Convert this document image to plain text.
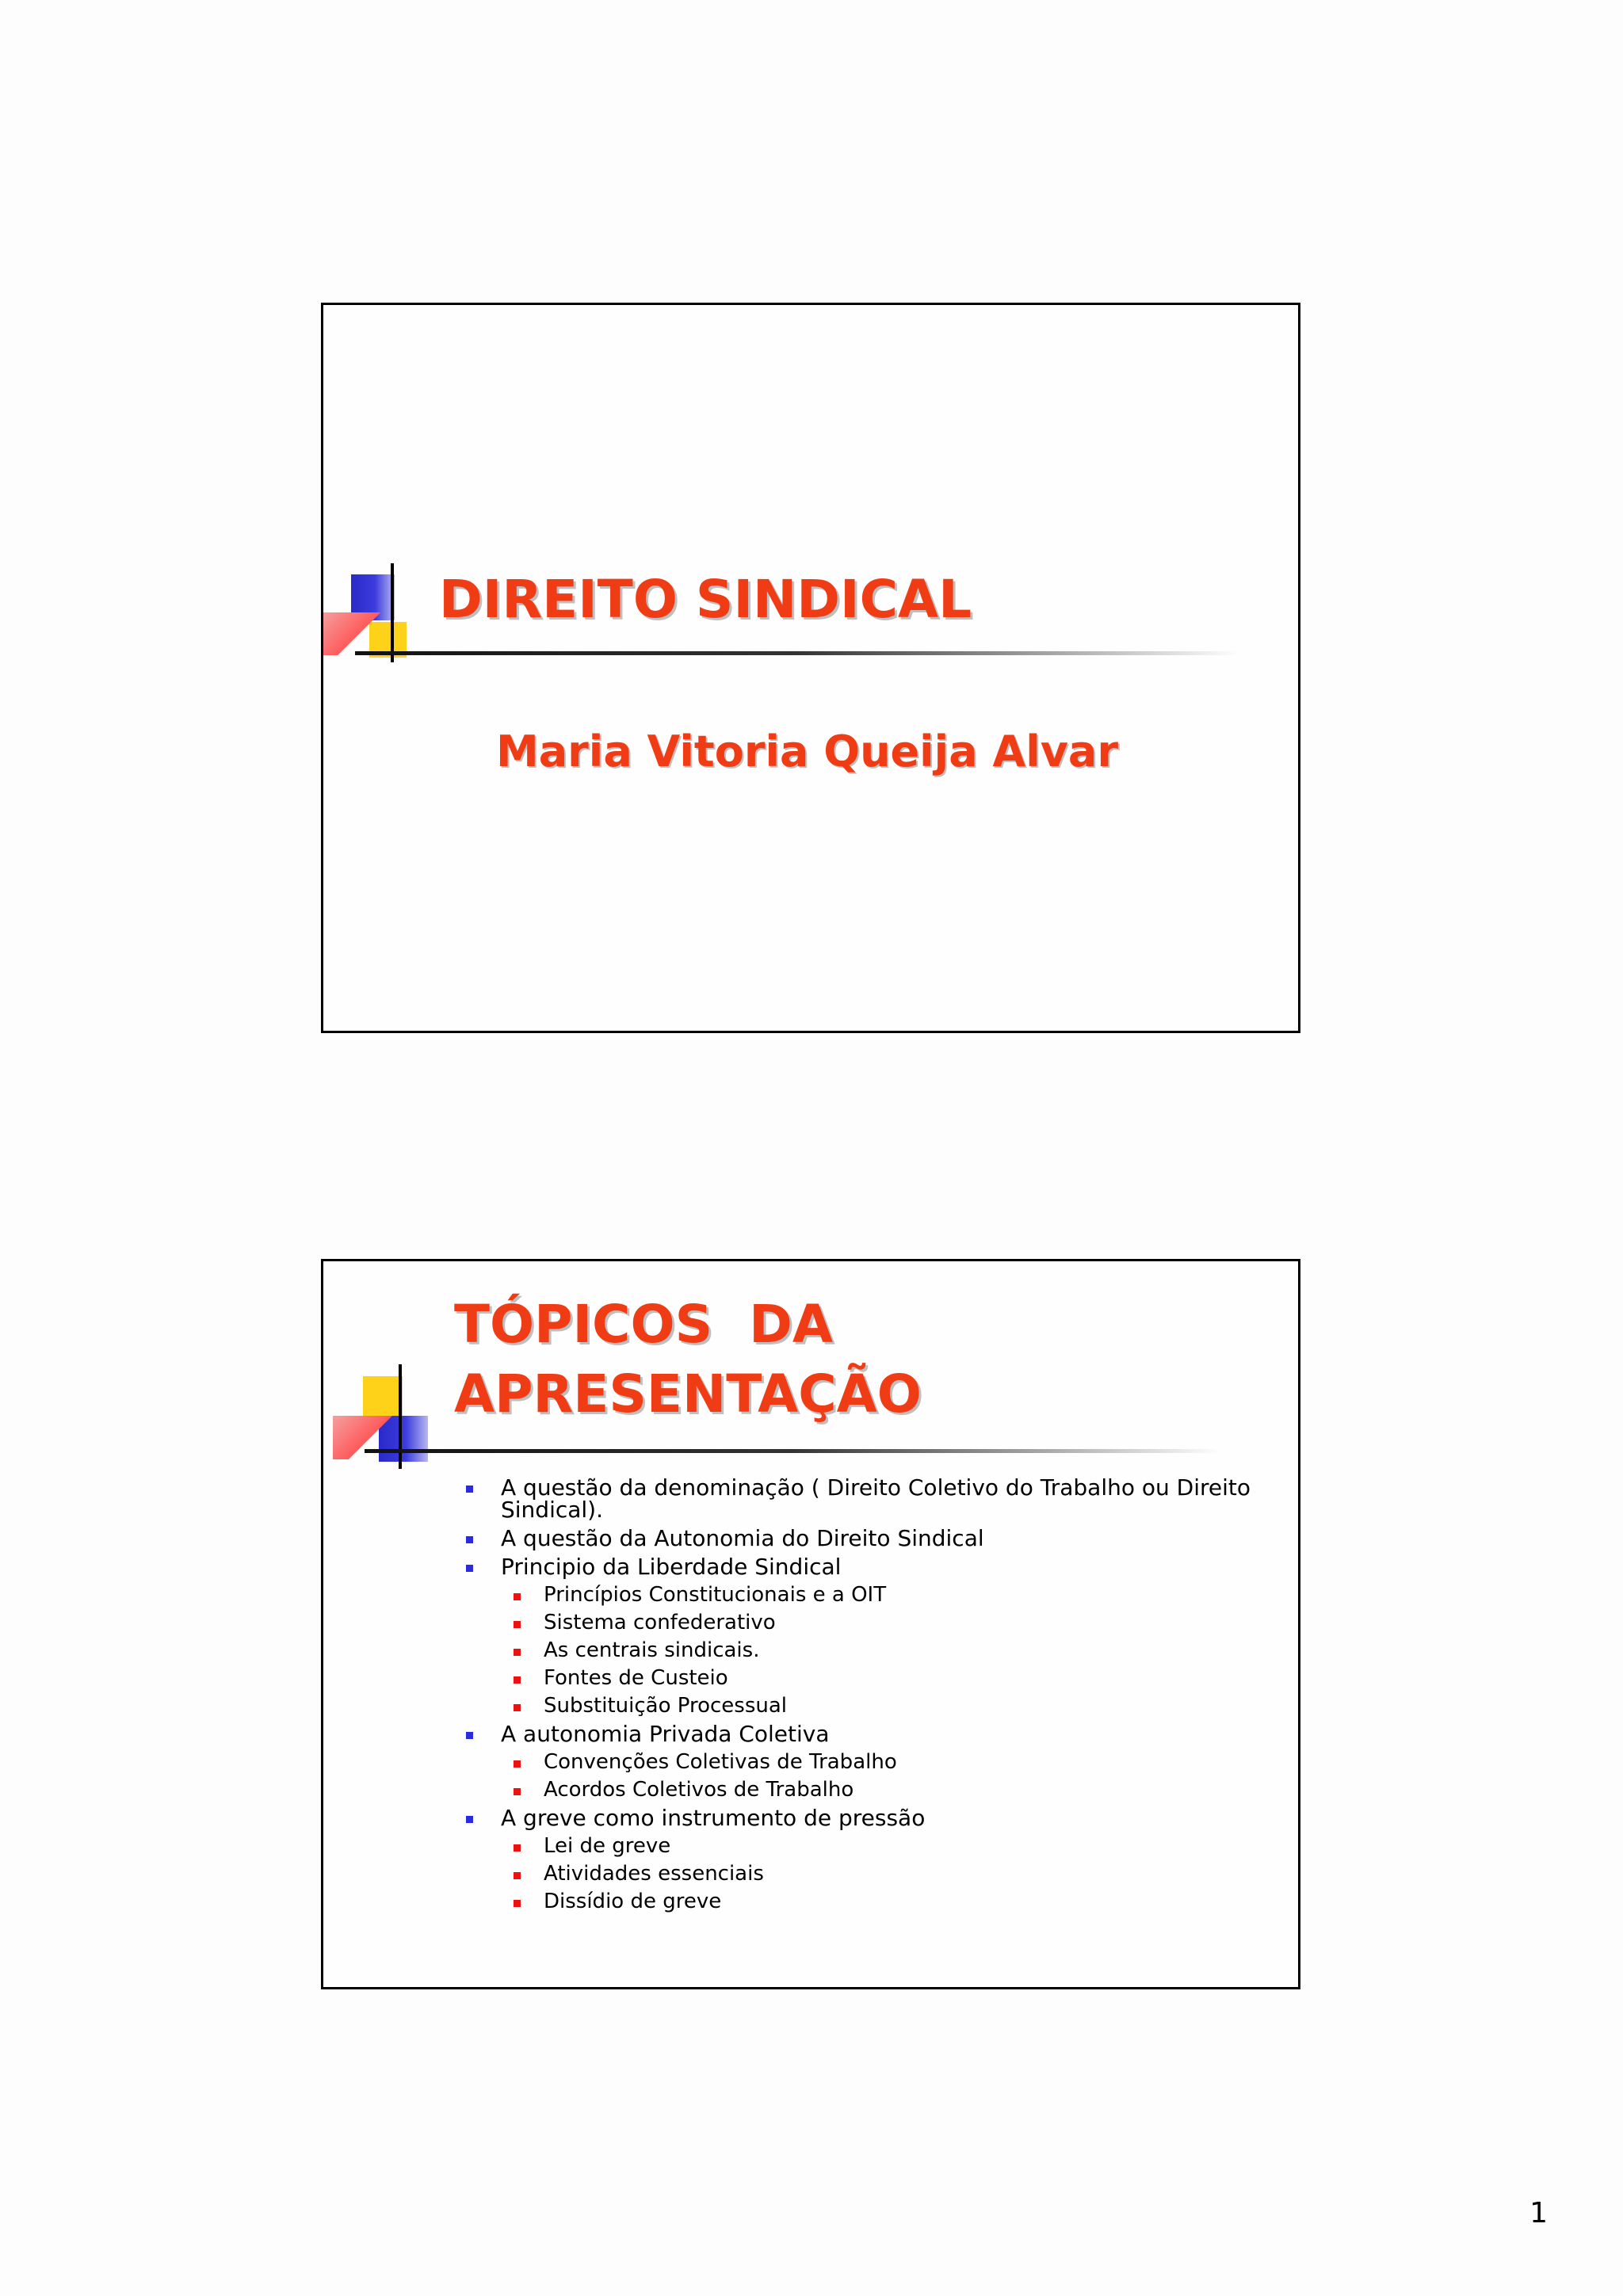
DIREITO SINDICAL
Maria Vitoria Queija Alvar
TÓPICOS  DA
APRESENTAÇÃO
A questão da denominação ( Direito Coletivo do Trabalho ou Direito
Sindical).
A questão da Autonomia do Direito Sindical
Principio da Liberdade Sindical
Princípios Constitucionais e a OIT
Sistema confederativo
As centrais sindicais.
Fontes de Custeio
Substituição Processual
A autonomia Privada Coletiva
Convenções Coletivas de Trabalho
Acordos Coletivos de Trabalho
A greve como instrumento de pressão
Lei de greve
Atividades essenciais
Dissídio de greve
1
